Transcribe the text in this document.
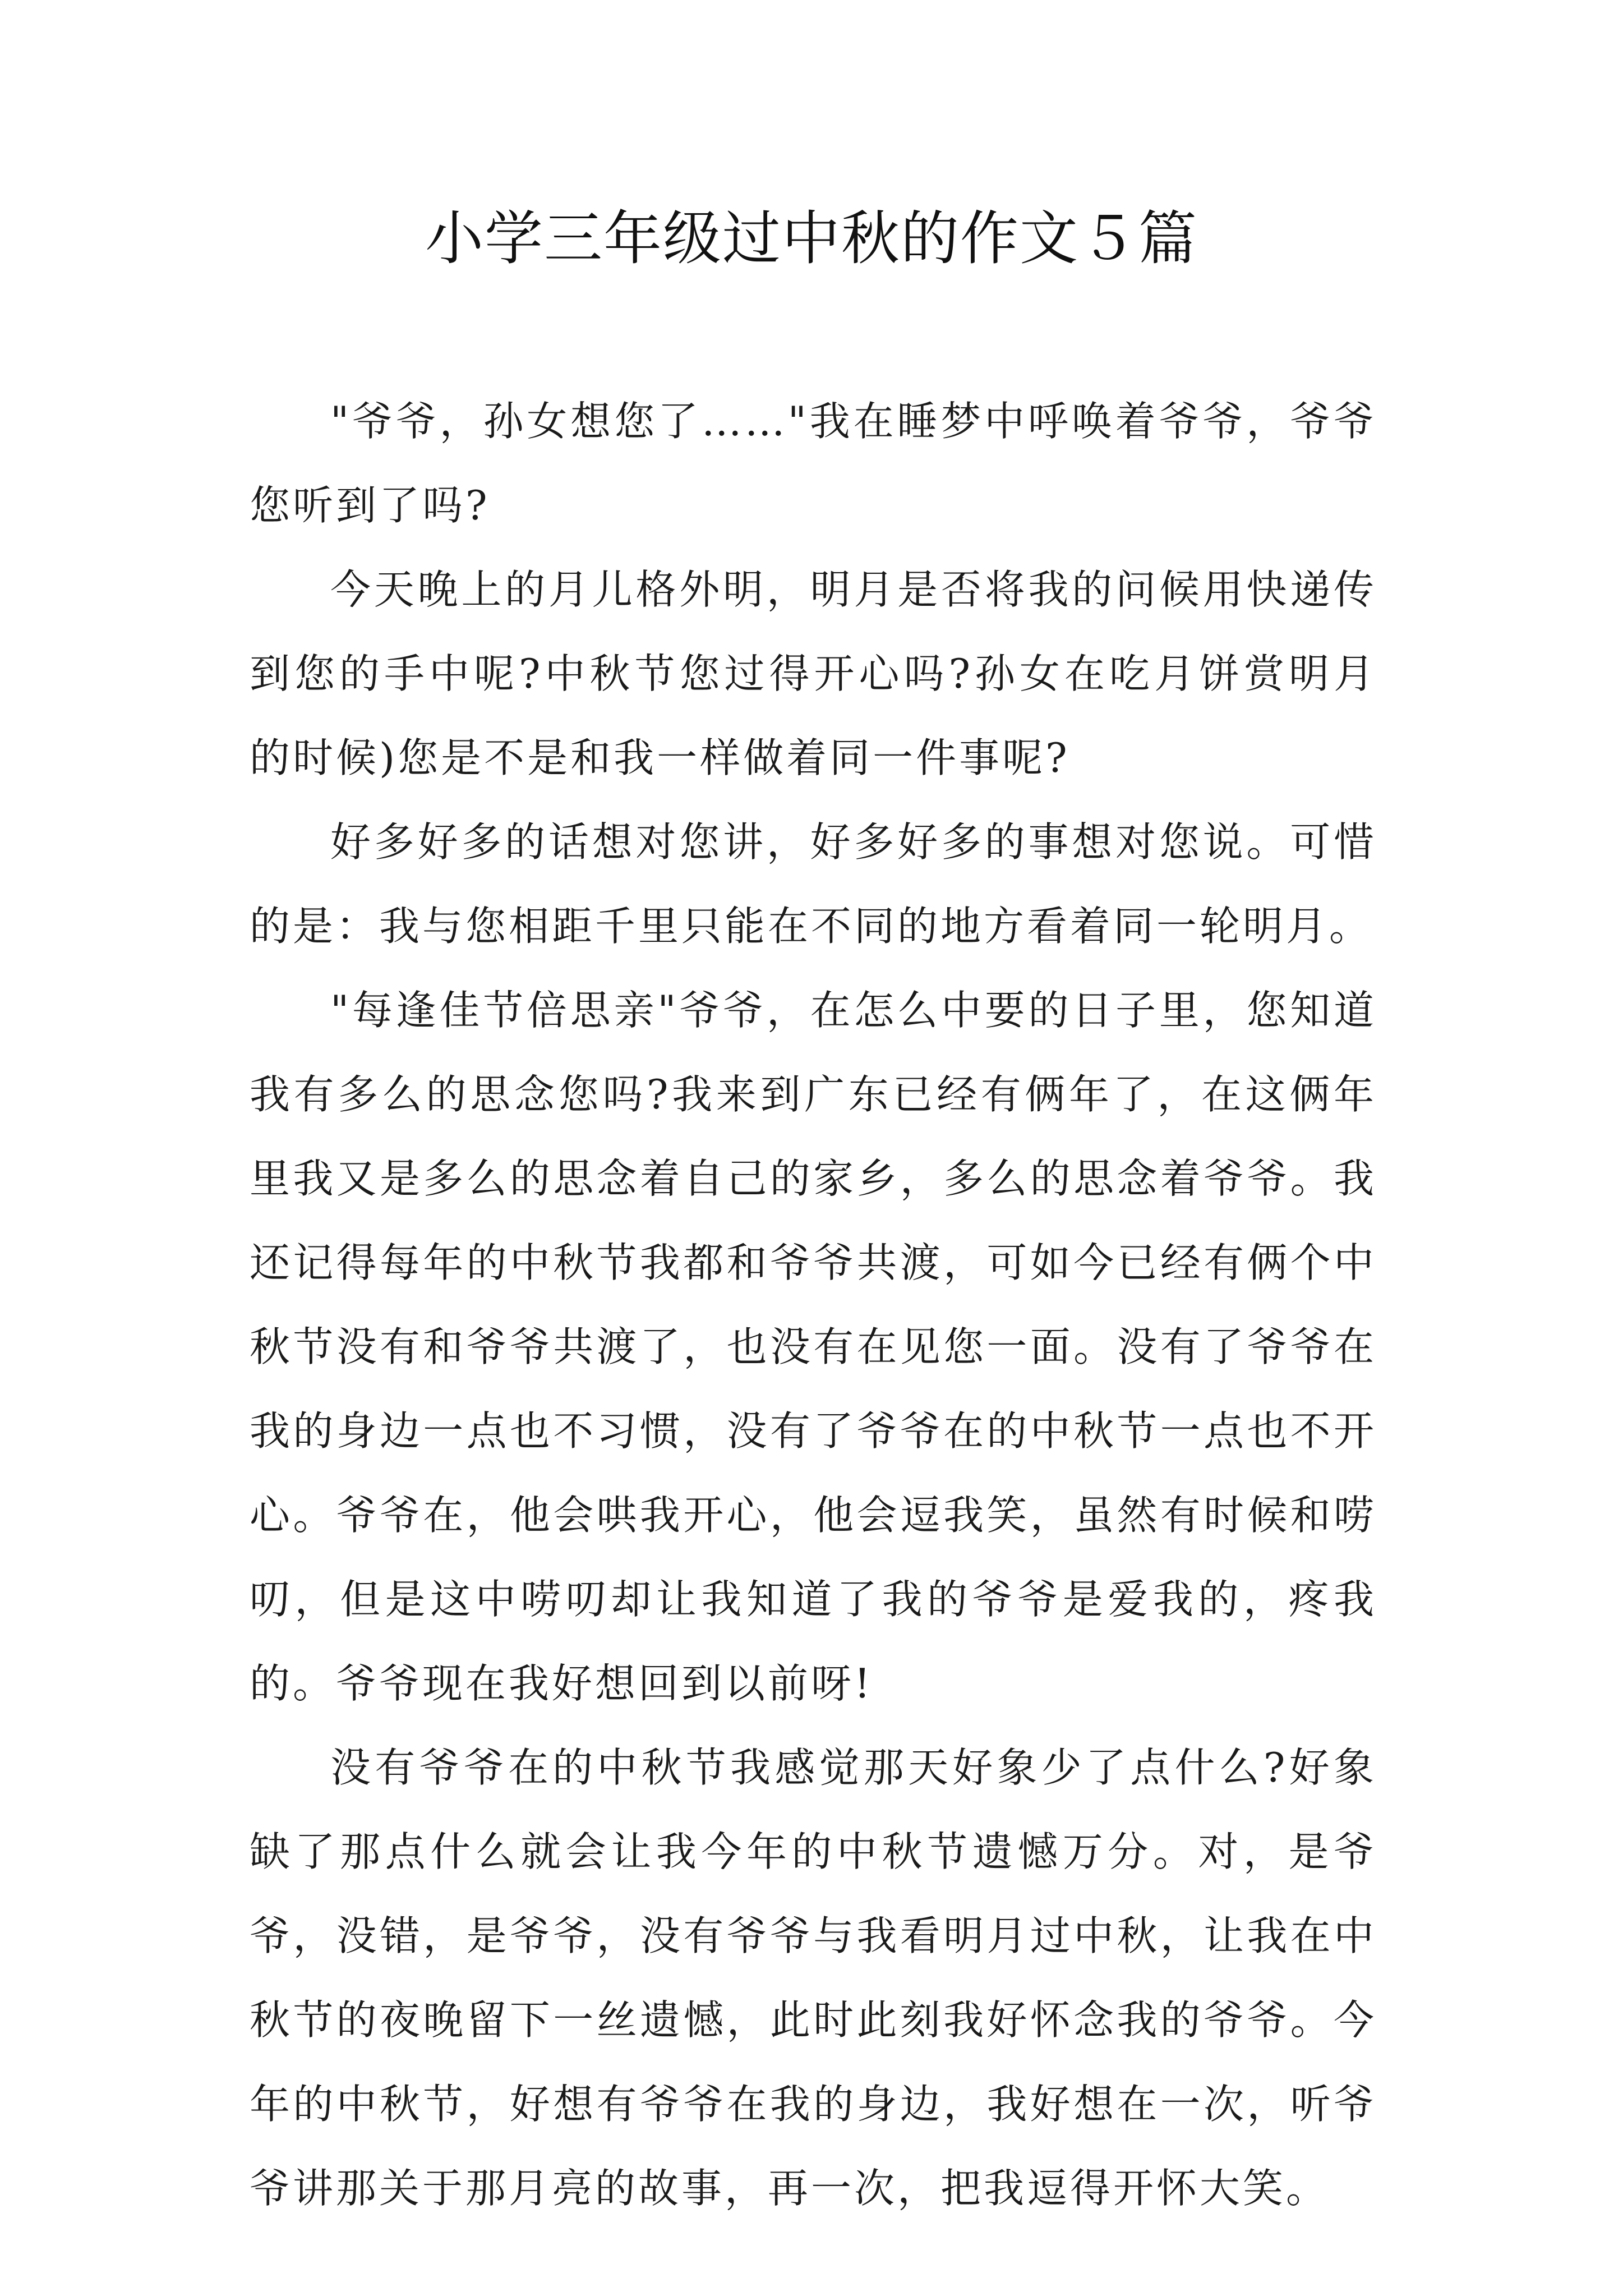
小学三年级过中秋的作文５篇

"爷爷，孙女想您了……"我在睡梦中呼唤着爷爷，爷爷您听到了吗?

今天晚上的月儿格外明，明月是否将我的问候用快递传到您的手中呢?中秋节您过得开心吗?孙女在吃月饼赏明月的时候)您是不是和我一样做着同一件事呢?

好多好多的话想对您讲，好多好多的事想对您说。可惜的是：我与您相距千里只能在不同的地方看着同一轮明月。

"每逢佳节倍思亲"爷爷，在怎么中要的日子里，您知道我有多么的思念您吗?我来到广东已经有俩年了，在这俩年里我又是多么的思念着自己的家乡，多么的思念着爷爷。我还记得每年的中秋节我都和爷爷共渡，可如今已经有俩个中秋节没有和爷爷共渡了，也没有在见您一面。没有了爷爷在我的身边一点也不习惯，没有了爷爷在的中秋节一点也不开心。爷爷在，他会哄我开心，他会逗我笑，虽然有时候和唠叨，但是这中唠叨却让我知道了我的爷爷是爱我的，疼我的。爷爷现在我好想回到以前呀!

没有爷爷在的中秋节我感觉那天好象少了点什么?好象缺了那点什么就会让我今年的中秋节遗憾万分。对，是爷爷，没错，是爷爷，没有爷爷与我看明月过中秋，让我在中秋节的夜晚留下一丝遗憾，此时此刻我好怀念我的爷爷。今年的中秋节，好想有爷爷在我的身边，我好想在一次，听爷爷讲那关于那月亮的故事，再一次，把我逗得开怀大笑。
